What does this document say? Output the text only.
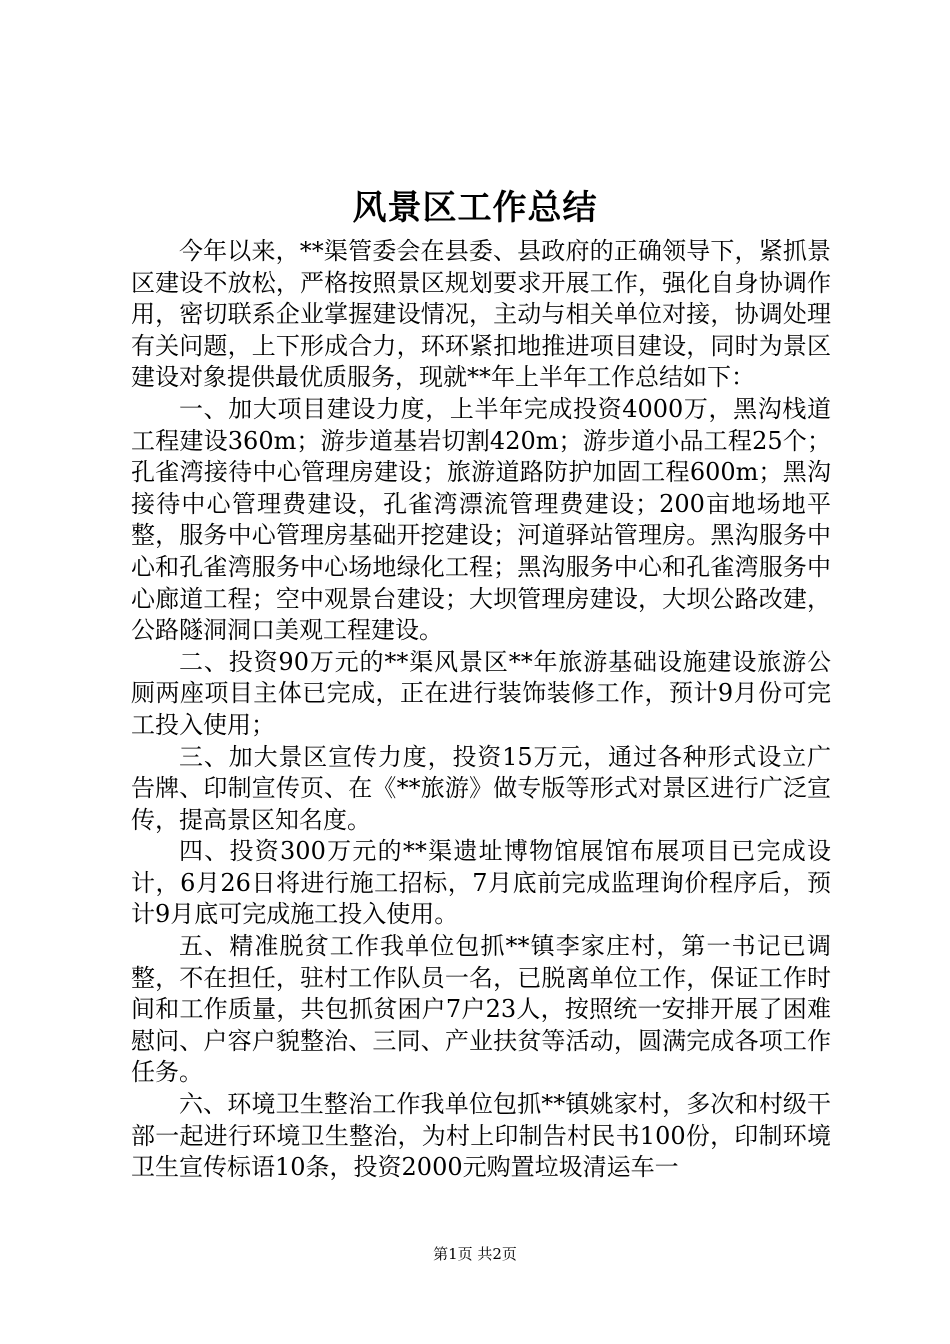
风景区工作总结

今年以来，**渠管委会在县委、县政府的正确领导下，紧抓景区建设不放松，严格按照景区规划要求开展工作，强化自身协调作用，密切联系企业掌握建设情况，主动与相关单位对接，协调处理有关问题，上下形成合力，环环紧扣地推进项目建设，同时为景区建设对象提供最优质服务，现就**年上半年工作总结如下：

一、加大项目建设力度，上半年完成投资4000万，黑沟栈道工程建设360m；游步道基岩切割420m；游步道小品工程25个；孔雀湾接待中心管理房建设；旅游道路防护加固工程600m；黑沟接待中心管理费建设，孔雀湾漂流管理费建设；200亩地场地平整，服务中心管理房基础开挖建设；河道驿站管理房。黑沟服务中心和孔雀湾服务中心场地绿化工程；黑沟服务中心和孔雀湾服务中心廊道工程；空中观景台建设；大坝管理房建设，大坝公路改建，公路隧洞洞口美观工程建设。

二、投资90万元的**渠风景区**年旅游基础设施建设旅游公厕两座项目主体已完成，正在进行装饰装修工作，预计9月份可完工投入使用；

三、加大景区宣传力度，投资15万元，通过各种形式设立广告牌、印制宣传页、在《**旅游》做专版等形式对景区进行广泛宣传，提高景区知名度。

四、投资300万元的**渠遗址博物馆展馆布展项目已完成设计，6月26日将进行施工招标，7月底前完成监理询价程序后，预计9月底可完成施工投入使用。

五、精准脱贫工作我单位包抓**镇李家庄村，第一书记已调整，不在担任，驻村工作队员一名，已脱离单位工作，保证工作时间和工作质量，共包抓贫困户7户23人，按照统一安排开展了困难慰问、户容户貌整治、三同、产业扶贫等活动，圆满完成各项工作任务。

六、环境卫生整治工作我单位包抓**镇姚家村，多次和村级干部一起进行环境卫生整治，为村上印制告村民书100份，印制环境卫生宣传标语10条，投资2000元购置垃圾清运车一

第1页 共2页
